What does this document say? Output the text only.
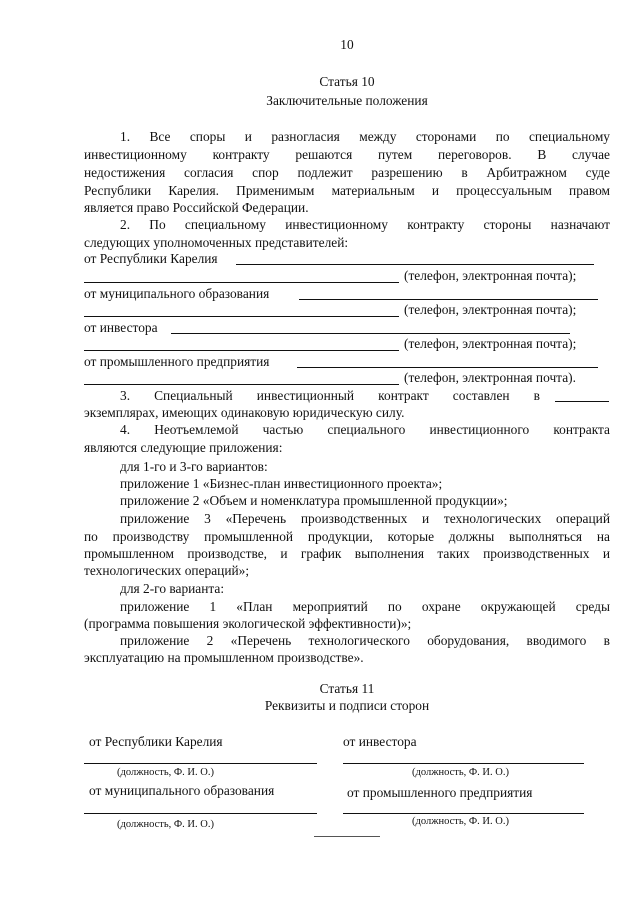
10
Статья 10
Заключительные положения
1. Все споры и разногласия между сторонами по специальному
инвестиционному контракту решаются путем переговоров. В случае
недостижения согласия спор подлежит разрешению в Арбитражном суде
Республики Карелия. Применимым материальным и процессуальным правом
является право Российской Федерации.
2. По специальному инвестиционному контракту стороны назначают
следующих уполномоченных представителей:
от Республики Карелия
(телефон, электронная почта);
от муниципального образования
(телефон, электронная почта);
от инвестора
(телефон, электронная почта);
от промышленного предприятия
(телефон, электронная почта).
3. Специальный инвестиционный контракт составлен в
экземплярах, имеющих одинаковую юридическую силу.
4. Неотъемлемой частью специального инвестиционного контракта
являются следующие приложения:
для 1-го и 3-го вариантов:
приложение 1 «Бизнес-план инвестиционного проекта»;
приложение 2 «Объем и номенклатура промышленной продукции»;
приложение 3 «Перечень производственных и технологических операций
по производству промышленной продукции, которые должны выполняться на
промышленном производстве, и график выполнения таких производственных и
технологических операций»;
для 2-го варианта:
приложение 1 «План мероприятий по охране окружающей среды
(программа повышения экологической эффективности)»;
приложение 2 «Перечень технологического оборудования, вводимого в
эксплуатацию на промышленном производстве».
Статья 11
Реквизиты и подписи сторон
от Республики Карелия	от инвестора
(должность, Ф. И. О.)	(должность, Ф. И. О.)
от муниципального образования	от промышленного предприятия
(должность, Ф. И. О.)	(должность, Ф. И. О.)
